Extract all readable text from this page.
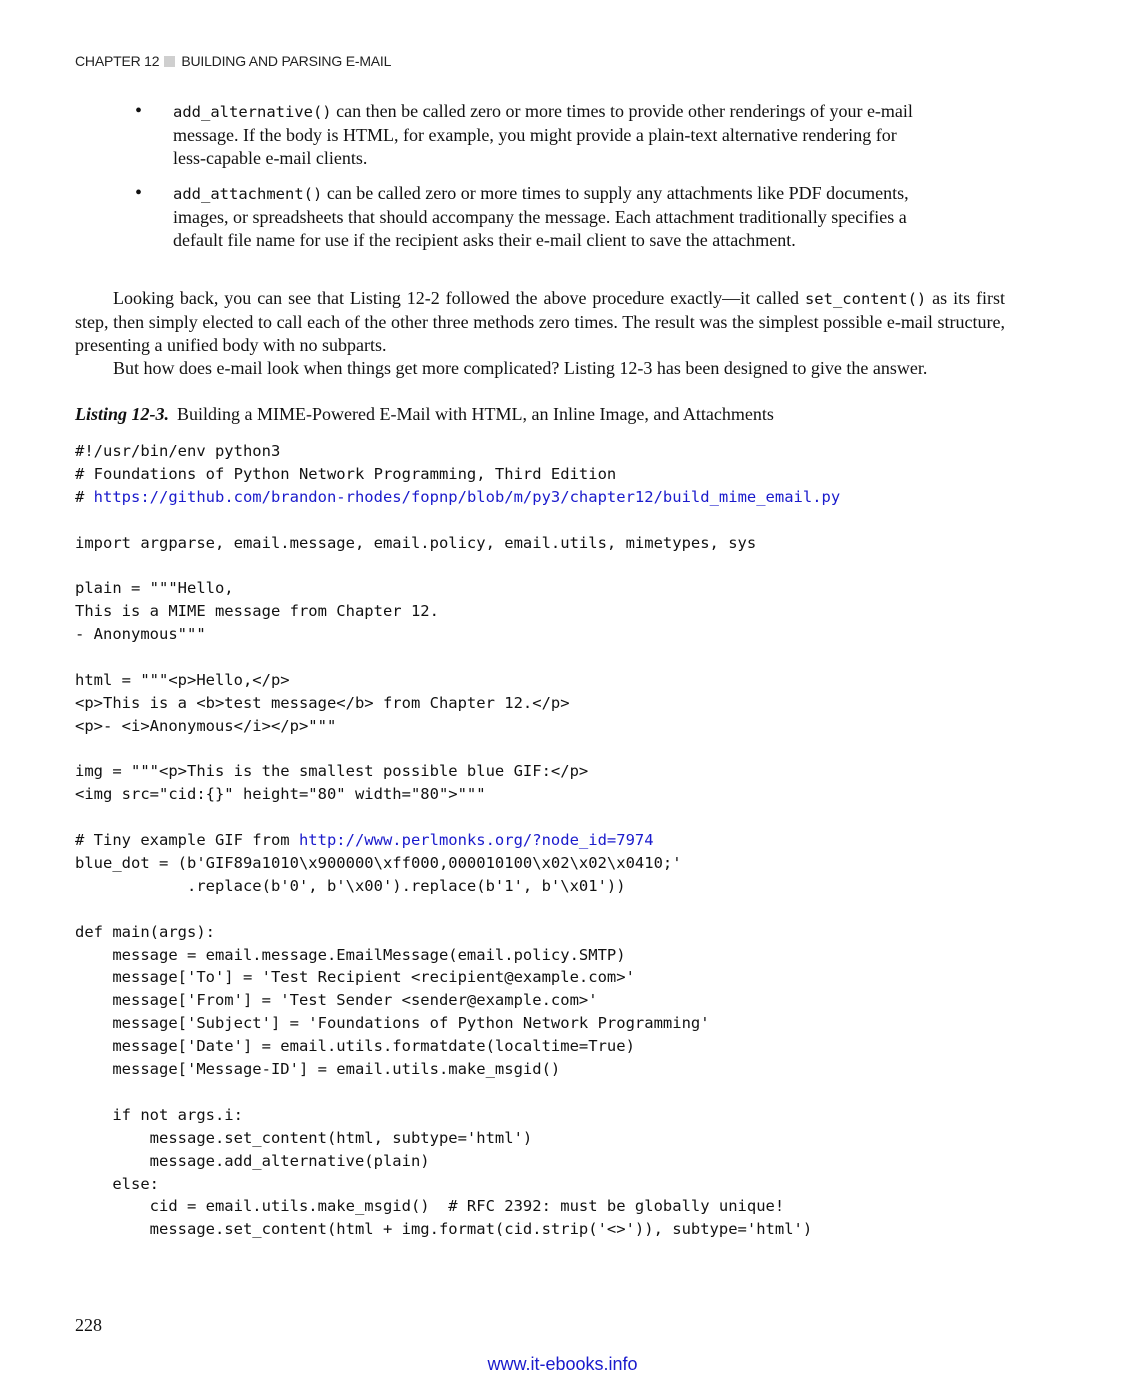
CHAPTER 12 BUILDING AND PARSING E-MAIL
• add_alternative() can then be called zero or more times to provide other renderings of your e-mail message. If the body is HTML, for example, you might provide a plain-text alternative rendering for less-capable e-mail clients.
• add_attachment() can be called zero or more times to supply any attachments like PDF documents, images, or spreadsheets that should accompany the message. Each attachment traditionally specifies a default file name for use if the recipient asks their e-mail client to save the attachment.

Looking back, you can see that Listing 12-2 followed the above procedure exactly—it called set_content() as its first step, then simply elected to call each of the other three methods zero times. The result was the simplest possible e-mail structure, presenting a unified body with no subparts.

But how does e-mail look when things get more complicated? Listing 12-3 has been designed to give the answer.

Listing 12-3. Building a MIME-Powered E-Mail with HTML, an Inline Image, and Attachments
#!/usr/bin/env python3
# Foundations of Python Network Programming, Third Edition
# https://github.com/brandon-rhodes/fopnp/blob/m/py3/chapter12/build_mime_email.py
import argparse, email.message, email.policy, email.utils, mimetypes, sys
plain = """Hello,
This is a MIME message from Chapter 12.
- Anonymous"""
html = """<p>Hello,</p>
<p>This is a <b>test message</b> from Chapter 12.</p>
<p>- <i>Anonymous</i></p>"""
img = """<p>This is the smallest possible blue GIF:</p>
<img src="cid:{}" height="80" width="80">"""
# Tiny example GIF from http://www.perlmonks.org/?node_id=7974
blue_dot = (b'GIF89a1010\x900000\xff000,000010100\x02\x02\x0410;'
.replace(b'0', b'\x00').replace(b'1', b'\x01'))
def main(args):
message = email.message.EmailMessage(email.policy.SMTP)
message['To'] = 'Test Recipient <recipient@example.com>'
message['From'] = 'Test Sender <sender@example.com>'
message['Subject'] = 'Foundations of Python Network Programming'
message['Date'] = email.utils.formatdate(localtime=True)
message['Message-ID'] = email.utils.make_msgid()
if not args.i:
message.set_content(html, subtype='html')
message.add_alternative(plain)
else:
cid = email.utils.make_msgid()  # RFC 2392: must be globally unique!
message.set_content(html + img.format(cid.strip('<>')), subtype='html')
228
www.it-ebooks.info
